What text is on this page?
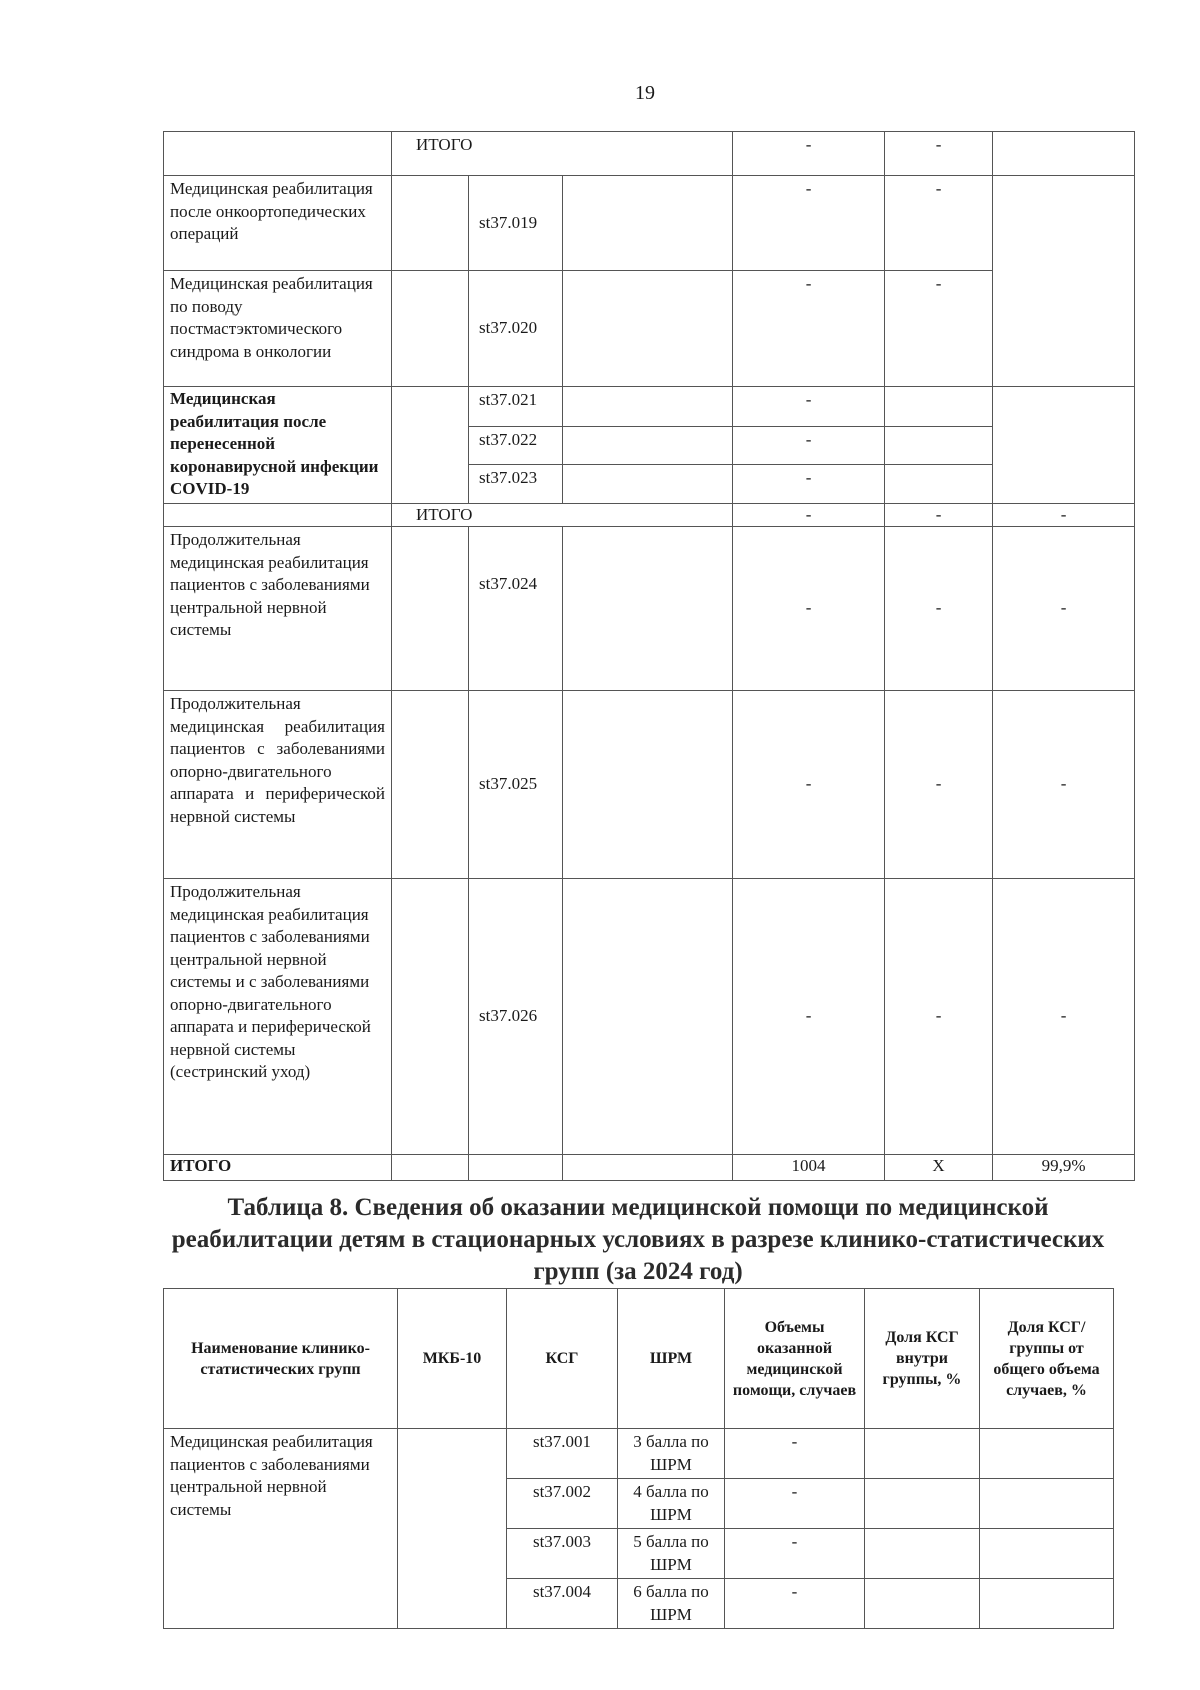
19
	ИТОГО			-	-	
Медицинская реабилитация после онкоортопедических операций		st37.019		-	-	
Медицинская реабилитация по поводу постмастэктомического синдрома в онкологии		st37.020		-	-	
Медицинская реабилитация после перенесенной коронавирусной инфекции COVID-19		st37.021		-		
		st37.022		-		
		st37.023		-		
	ИТОГО			-	-	-
Продолжительная медицинская реабилитация пациентов с заболеваниями центральной нервной системы		st37.024		-	-	-
Продолжительная медицинская реабилитация пациентов с заболеваниями опорно-двигательного аппарата и периферической нервной системы		st37.025		-	-	-
Продолжительная медицинская реабилитация пациентов с заболеваниями центральной нервной системы и с заболеваниями опорно-двигательного аппарата и периферической нервной системы (сестринский уход)		st37.026		-	-	-
ИТОГО				1004	Х	99,9%
Таблица 8. Сведения об оказании медицинской помощи по медицинской реабилитации детям в стационарных условиях в разрезе клинико-статистических групп (за 2024 год)
Наименование клинико-статистических групп	МКБ-10	КСГ	ШРМ	Объемы оказанной медицинской помощи, случаев	Доля КСГ внутри группы, %	Доля КСГ/группы от общего объема случаев, %
Медицинская реабилитация пациентов с заболеваниями центральной нервной системы		st37.001	3 балла по ШРМ	-		
		st37.002	4 балла по ШРМ	-		
		st37.003	5 балла по ШРМ	-		
		st37.004	6 балла по ШРМ	-		
